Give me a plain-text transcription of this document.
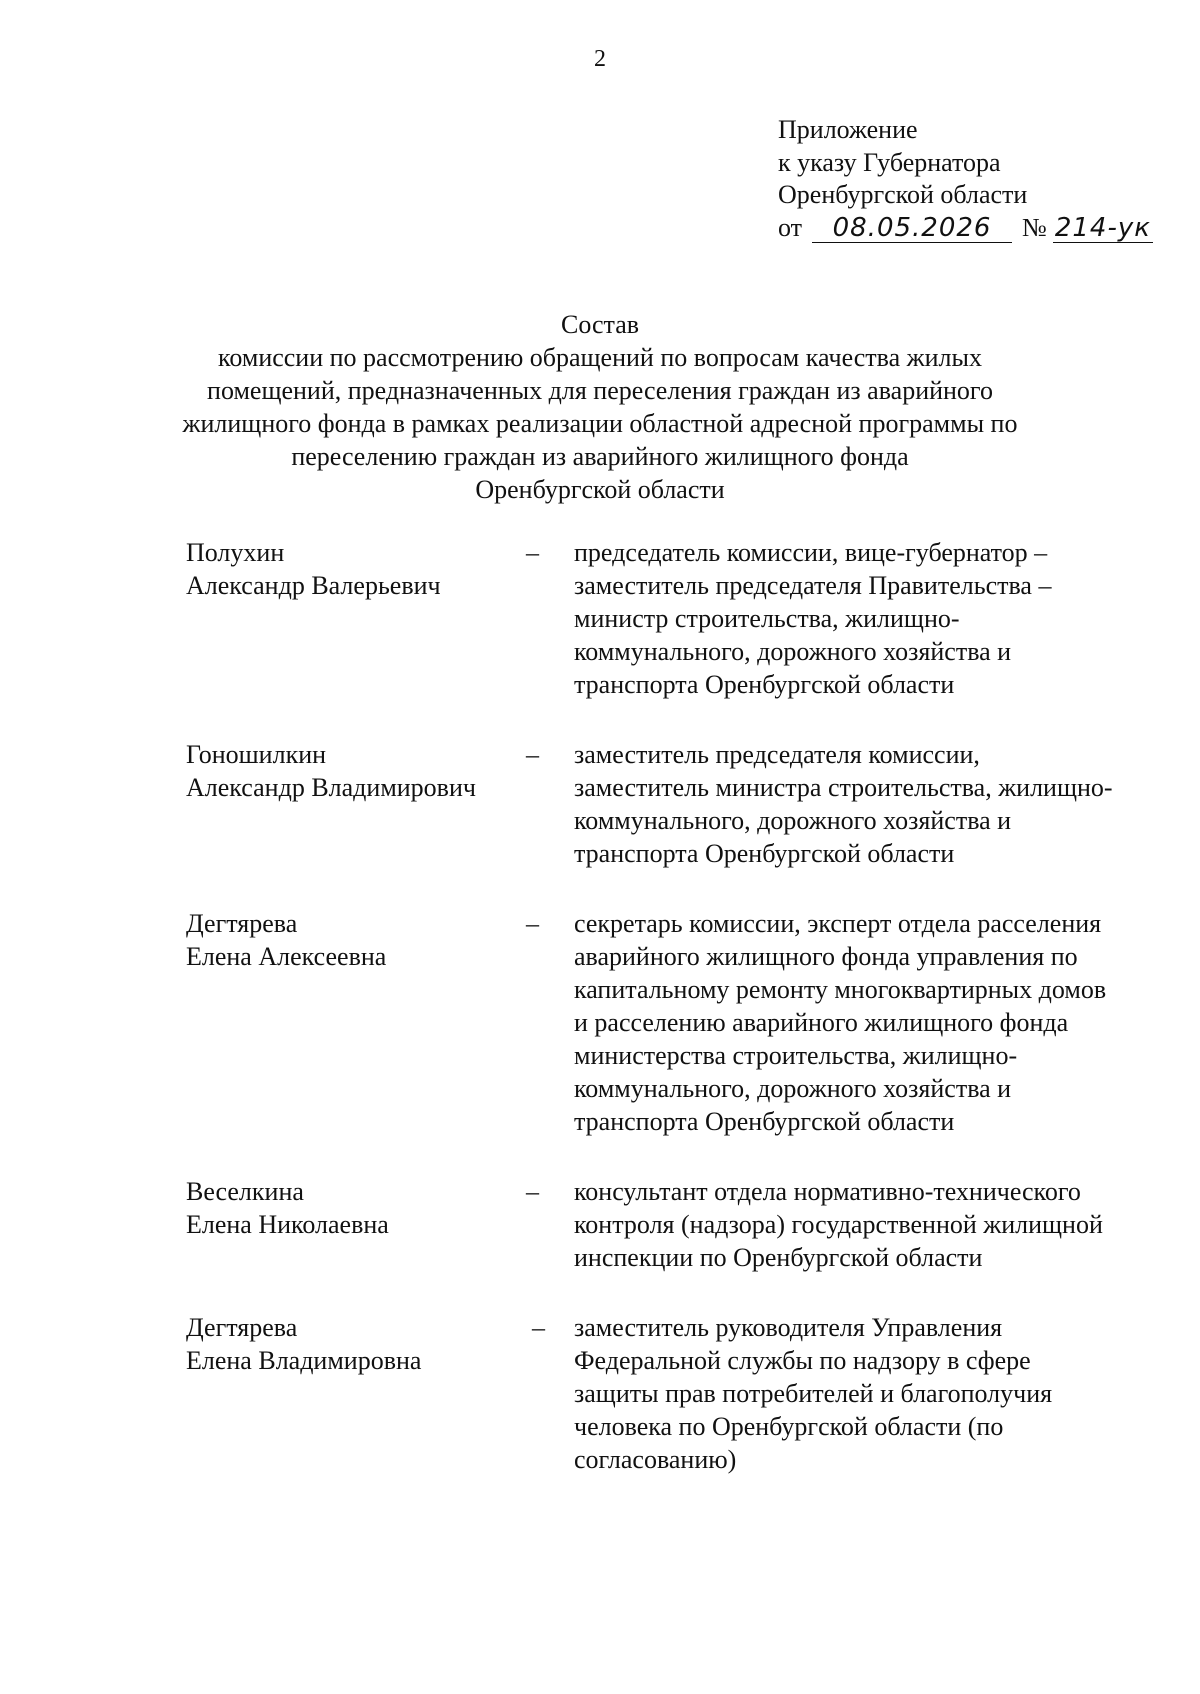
2
Приложение
к указу Губернатора
Оренбургской области
от	08.05.2026	№ 214-ук
Состав
комиссии по рассмотрению обращений по вопросам качества жилых
помещений, предназначенных для переселения граждан из аварийного
жилищного фонда в рамках реализации областной адресной программы по
переселению граждан из аварийного жилищного фонда
Оренбургской области
Полухин
Александр Валерьевич
–	председатель комиссии, вице-губернатор – заместитель председателя Правительства – министр строительства, жилищно-коммунального, дорожного хозяйства и транспорта Оренбургской области
Гоношилкин
Александр Владимирович
–	заместитель председателя комиссии, заместитель министра строительства, жилищно-коммунального, дорожного хозяйства и транспорта Оренбургской области
Дегтярева
Елена Алексеевна
–	секретарь комиссии, эксперт отдела расселения аварийного жилищного фонда управления по капитальному ремонту многоквартирных домов и расселению аварийного жилищного фонда министерства строительства, жилищно-коммунального, дорожного хозяйства и транспорта Оренбургской области
Веселкина
Елена Николаевна
–	консультант отдела нормативно-технического контроля (надзора) государственной жилищной инспекции по Оренбургской области
Дегтярева
Елена Владимировна
–	заместитель руководителя Управления Федеральной службы по надзору в сфере защиты прав потребителей и благополучия человека по Оренбургской области (по согласованию)
